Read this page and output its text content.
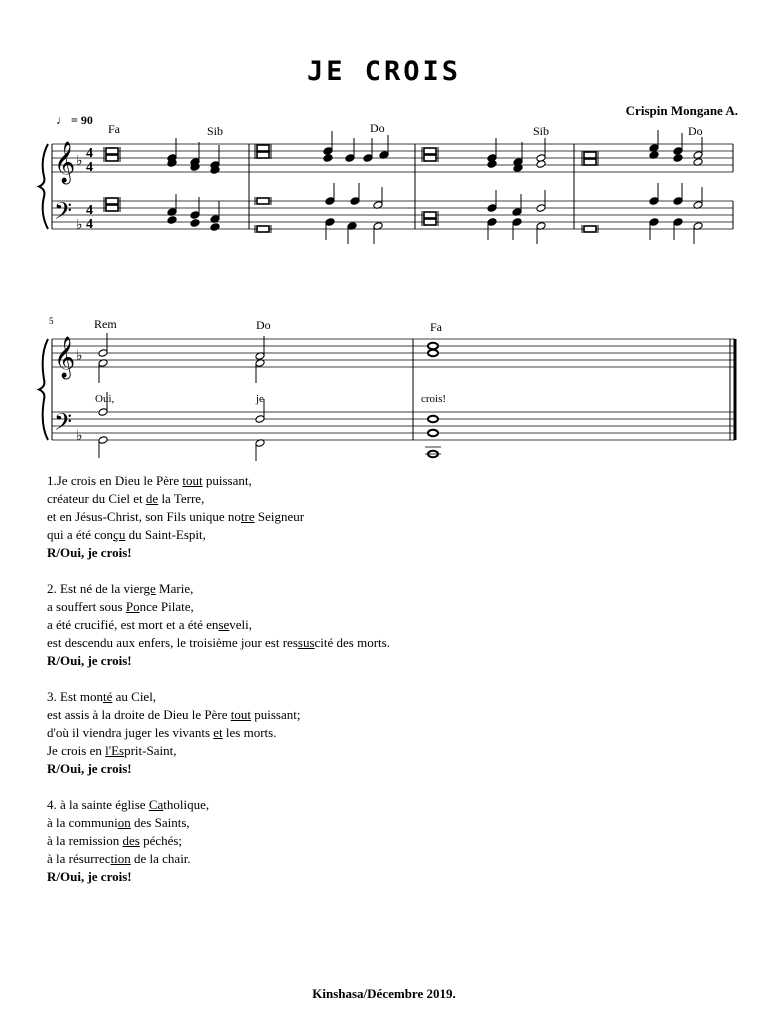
JE CROIS
Crispin Mongane A.
𝄞
𝄢
♭
♭
4
4
4
4
𝄞
𝄢
♭
♭
♩ = 90
5
Fa	Sib	Do	Sib	Do
Rem	Do	Fa
Oui,	je	crois!
1.Je crois en Dieu le Père tout puissant,
créateur du Ciel et de la Terre,
et en Jésus-Christ, son Fils unique notre Seigneur
qui a été conçu du Saint-Espit,
R/Oui, je crois!
2. Est né de la vierge Marie,
a souffert sous Ponce Pilate,
a été crucifié, est mort et a été enseveli,
est descendu aux enfers, le troisième jour est ressuscité des morts.
R/Oui, je crois!
3. Est monté au Ciel,
est assis à la droite de Dieu le Père tout puissant;
d'où il viendra juger les vivants et les morts.
Je crois en l'Esprit-Saint,
R/Oui, je crois!
4. à la sainte église Catholique,
à la communion des Saints,
à la remission des péchés;
à la résurrection de la chair.
R/Oui, je crois!
Kinshasa/Décembre 2019.
